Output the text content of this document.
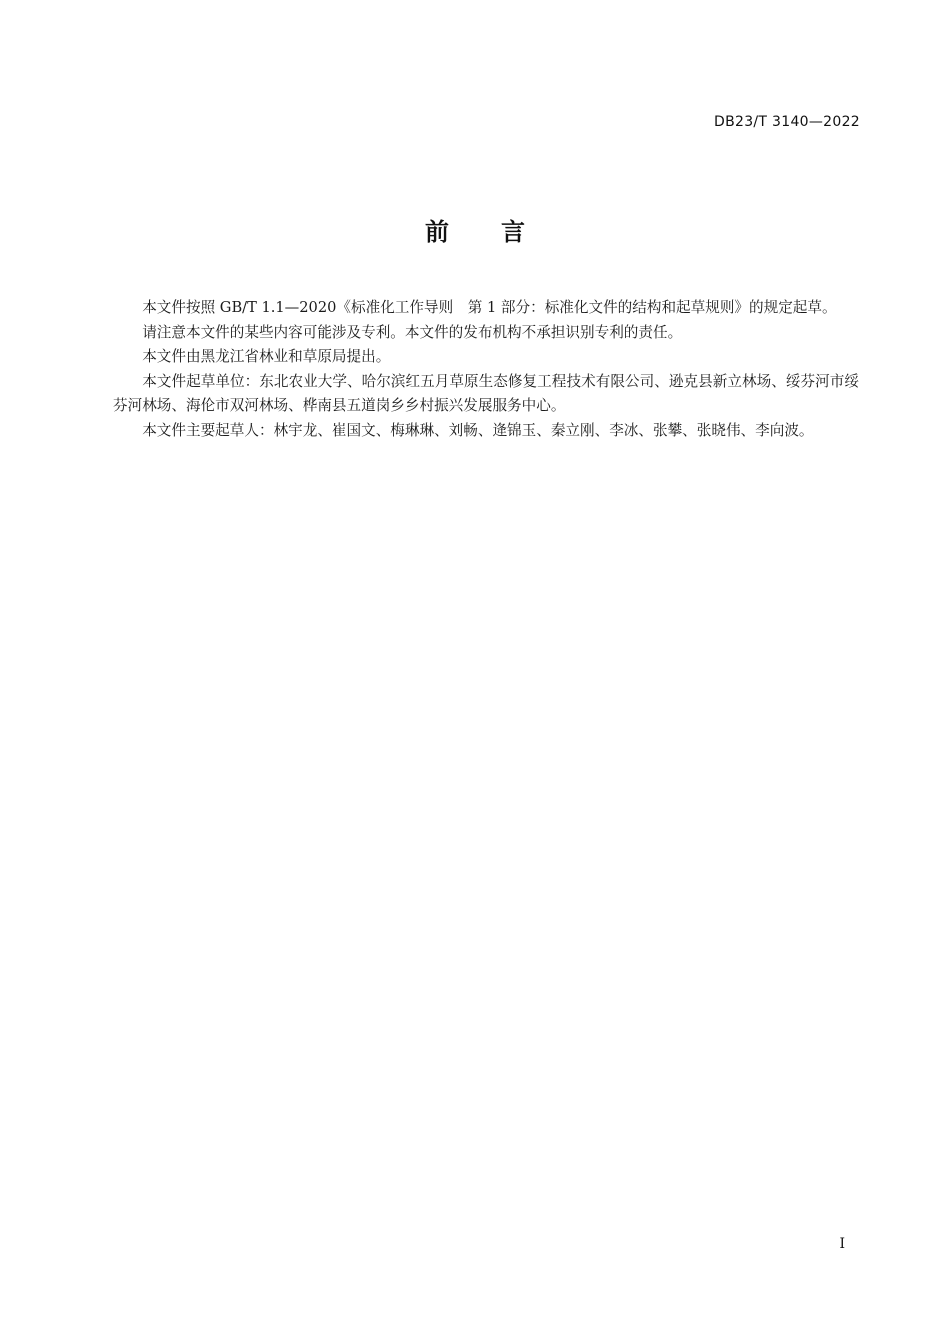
DB23/T 3140—2022
前言

本文件按照 GB/T 1.1—2020《标准化工作导则　第 1 部分：标准化文件的结构和起草规则》的规定起草。

请注意本文件的某些内容可能涉及专利。本文件的发布机构不承担识别专利的责任。

本文件由黑龙江省林业和草原局提出。

本文件起草单位：东北农业大学、哈尔滨红五月草原生态修复工程技术有限公司、逊克县新立林场、绥芬河市绥芬河林场、海伦市双河林场、桦南县五道岗乡乡村振兴发展服务中心。

本文件主要起草人：林宇龙、崔国文、梅琳琳、刘畅、逄锦玉、秦立刚、李冰、张攀、张晓伟、李向波。

I
